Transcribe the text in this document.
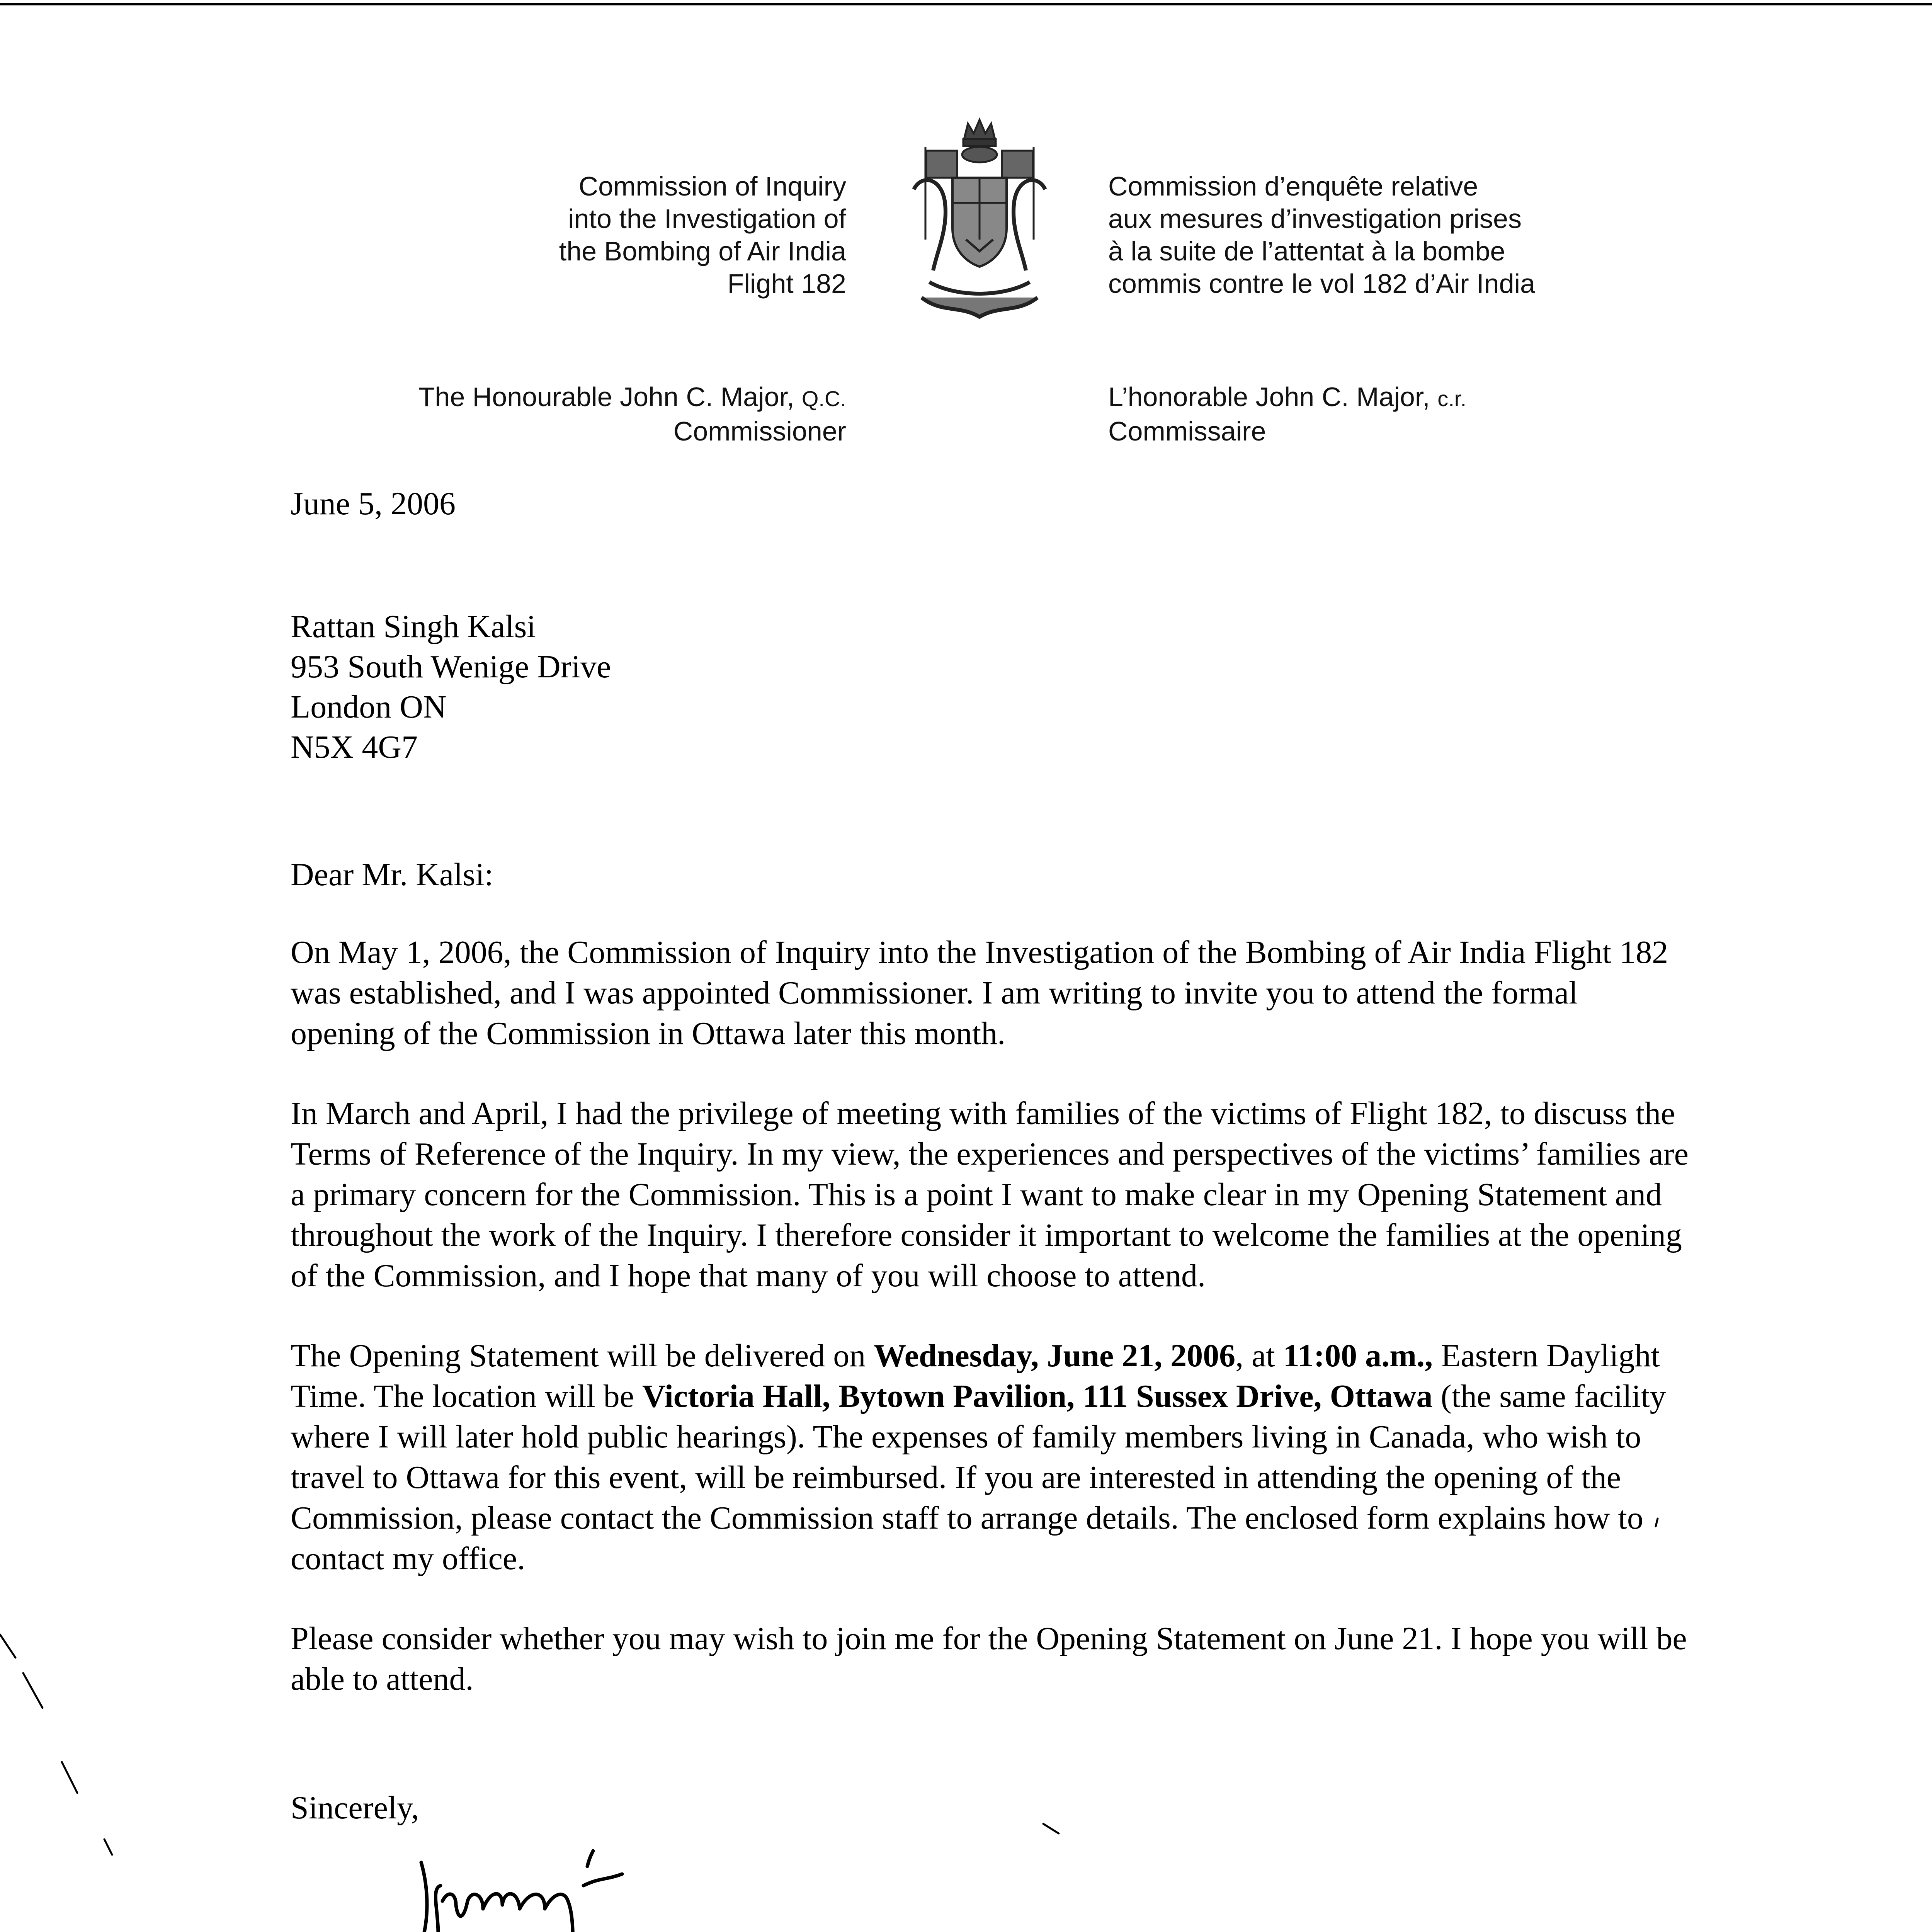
Commission of Inquiry
into the Investigation of
the Bombing of Air India
Flight 182
Commission d’enquête relative
aux mesures d’investigation prises
à la suite de l’attentat à la bombe
commis contre le vol 182 d’Air India
The Honourable John C. Major, Q.C.
Commissioner
L’honorable John C. Major, c.r.
Commissaire
June 5, 2006
Rattan Singh Kalsi
953 South Wenige Drive
London ON
N5X 4G7
Dear Mr. Kalsi:

On May 1, 2006, the Commission of Inquiry into the Investigation of the Bombing of Air India Flight 182 was established, and I was appointed Commissioner. I am writing to invite you to attend the formal opening of the Commission in Ottawa later this month.

In March and April, I had the privilege of meeting with families of the victims of Flight 182, to discuss the Terms of Reference of the Inquiry. In my view, the experiences and perspectives of the victims’ families are a primary concern for the Commission. This is a point I want to make clear in my Opening Statement and throughout the work of the Inquiry. I therefore consider it important to welcome the families at the opening of the Commission, and I hope that many of you will choose to attend.

The Opening Statement will be delivered on Wednesday, June 21, 2006, at 11:00 a.m., Eastern Daylight Time. The location will be Victoria Hall, Bytown Pavilion, 111 Sussex Drive, Ottawa (the same facility where I will later hold public hearings). The expenses of family members living in Canada, who wish to travel to Ottawa for this event, will be reimbursed. If you are interested in attending the opening of the Commission, please contact the Commission staff to arrange details. The enclosed form explains how to contact my office.

Please consider whether you may wish to join me for the Opening Statement on June 21. I hope you will be able to attend.

Sincerely,
